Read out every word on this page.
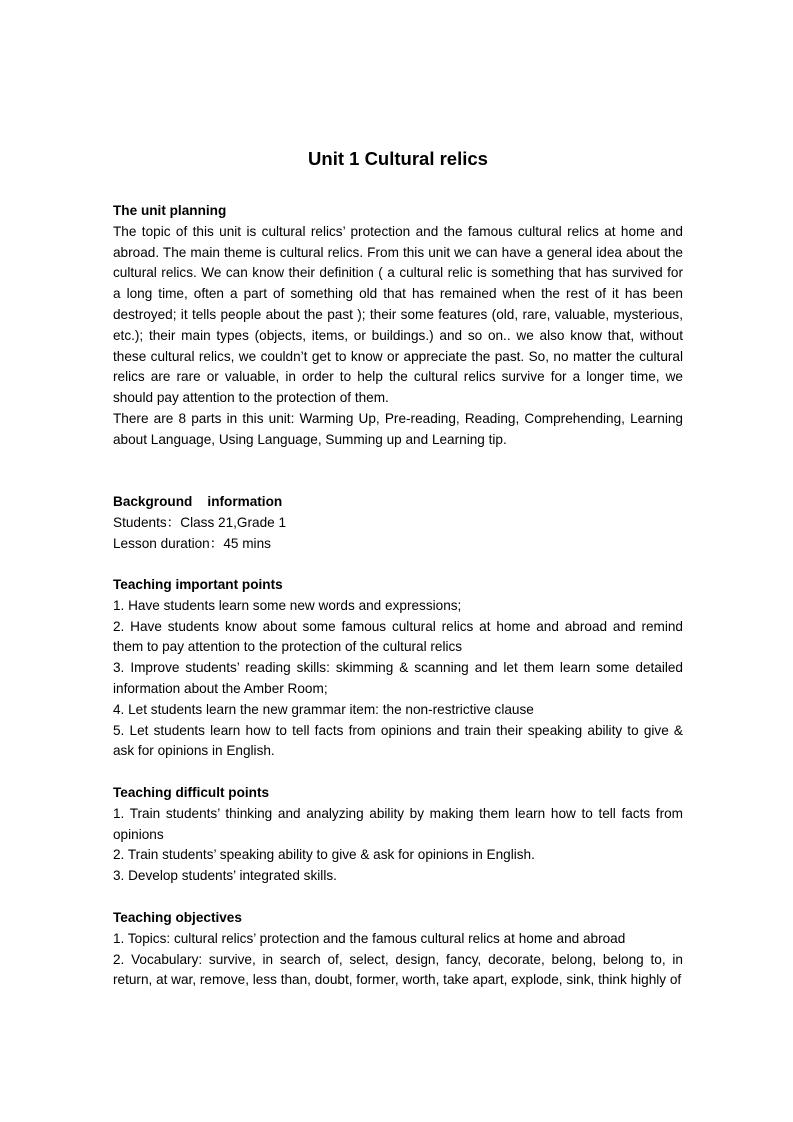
Unit 1 Cultural relics
The unit planning
The topic of this unit is cultural relics’ protection and the famous cultural relics at home and abroad. The main theme is cultural relics. From this unit we can have a general idea about the cultural relics. We can know their definition ( a cultural relic is something that has survived for a long time, often a part of something old that has remained when the rest of it has been destroyed; it tells people about the past ); their some features (old, rare, valuable, mysterious, etc.); their main types (objects, items, or buildings.) and so on.. we also know that, without these cultural relics, we couldn’t get to know or appreciate the past. So, no matter the cultural relics are rare or valuable, in order to help the cultural relics survive for a longer time, we should pay attention to the protection of them.
There are 8 parts in this unit: Warming Up, Pre-reading, Reading, Comprehending, Learning about Language, Using Language, Summing up and Learning tip.
Background    information
Students：Class 21,Grade 1
Lesson duration：45 mins
Teaching important points
1. Have students learn some new words and expressions;
2. Have students know about some famous cultural relics at home and abroad and remind them to pay attention to the protection of the cultural relics
3. Improve students’ reading skills: skimming & scanning and let them learn some detailed information about the Amber Room;
4. Let students learn the new grammar item: the non-restrictive clause
5. Let students learn how to tell facts from opinions and train their speaking ability to give & ask for opinions in English.
Teaching difficult points
1. Train students’ thinking and analyzing ability by making them learn how to tell facts from opinions
2. Train students’ speaking ability to give & ask for opinions in English.
3. Develop students’ integrated skills.
Teaching objectives
1. Topics: cultural relics’ protection and the famous cultural relics at home and abroad
2. Vocabulary: survive, in search of, select, design, fancy, decorate, belong, belong to, in return, at war, remove, less than, doubt, former, worth, take apart, explode, sink, think highly of
